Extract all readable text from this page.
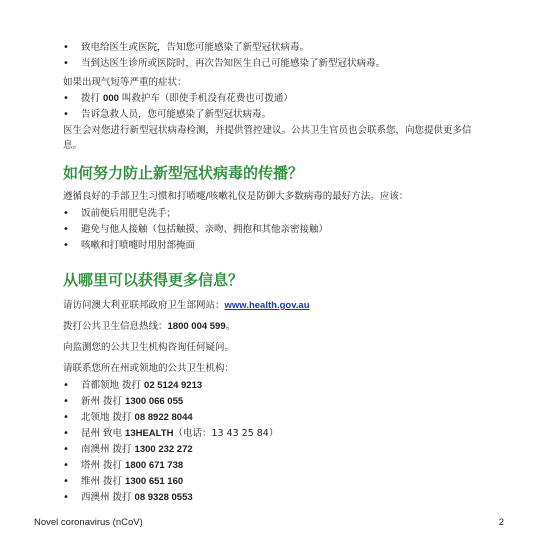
• 致电给医生或医院，告知您可能感染了新型冠状病毒。
• 当到达医生诊所或医院时，再次告知医生自己可能感染了新型冠状病毒。

如果出现气短等严重的症状：

• 拨打 000 叫救护车（即使手机没有花费也可拨通）
• 告诉急救人员，您可能感染了新型冠状病毒。

医生会对您进行新型冠状病毒检测，并提供管控建议。公共卫生官员也会联系您，向您提供更多信

息。

如何努力防止新型冠状病毒的传播？

遵循良好的手部卫生习惯和打喷嚏/咳嗽礼仪是防御大多数病毒的最好方法。应该：

• 饭前便后用肥皂洗手；
• 避免与他人接触（包括触摸、亲吻、拥抱和其他亲密接触）
• 咳嗽和打喷嚏时用肘部掩面
从哪里可以获得更多信息？

请访问澳大利亚联邦政府卫生部网站：www.health.gov.au

拨打公共卫生信息热线：1800 004 599。

向监测您的公共卫生机构咨询任何疑问。

请联系您所在州或领地的公共卫生机构：

• 首都领地 拨打 02 5124 9213
• 新州 拨打 1300 066 055
• 北领地 拨打 08 8922 8044
• 昆州 致电 13HEALTH（电话：13 43 25 84）
• 南澳州 拨打 1300 232 272
• 塔州 拨打 1800 671 738
• 维州 拨打 1300 651 160
• 西澳州 拨打 08 9328 0553
Novel coronavirus (nCoV)	2
